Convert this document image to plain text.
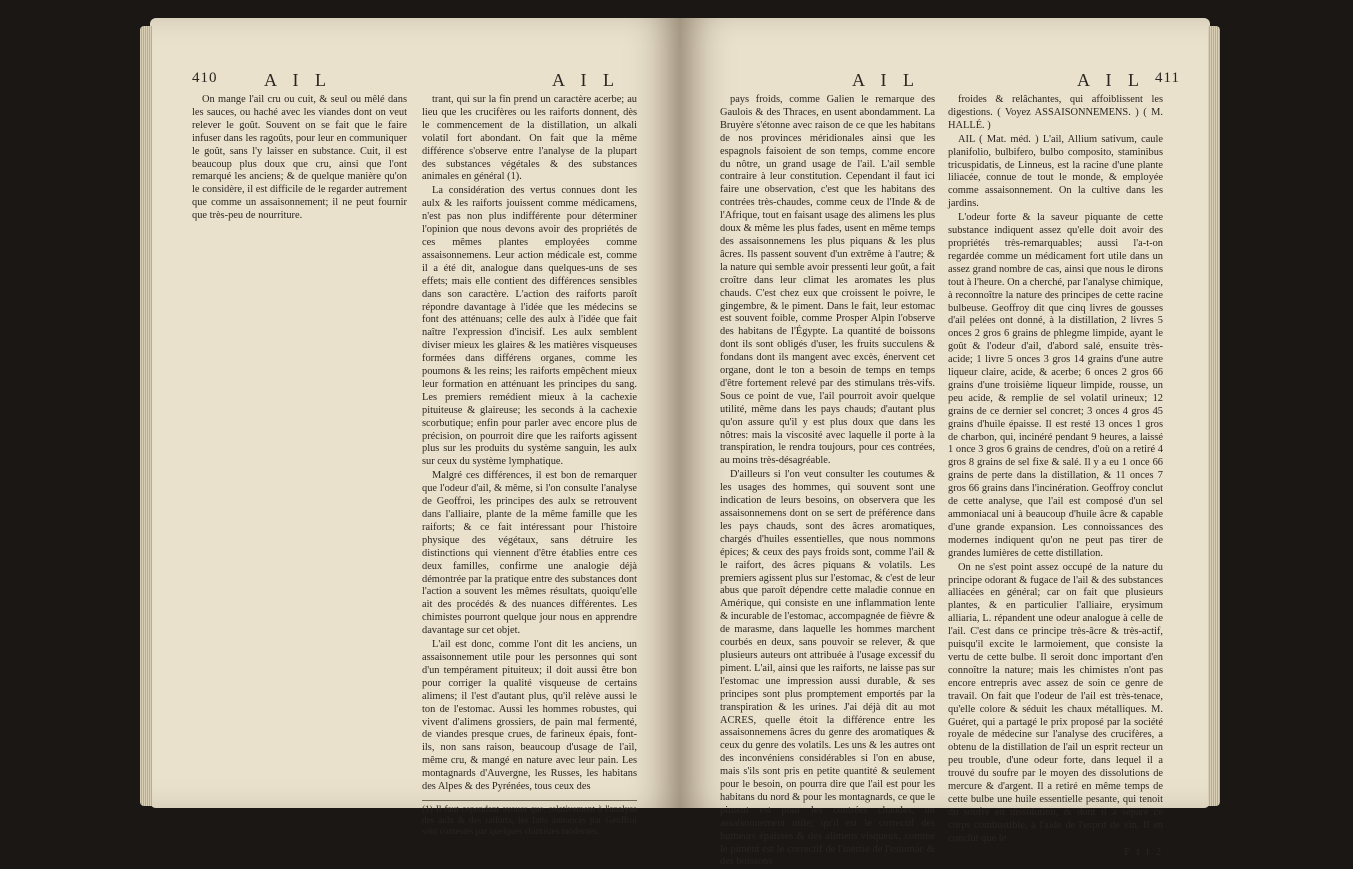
410	A I L	A I L

On mange l'ail cru ou cuit, & seul ou mêlé dans les sauces, ou haché avec les viandes dont on veut relever le goût. Souvent on se fait que le faire infuser dans les ragoûts, pour leur en communiquer le goût, sans l'y laisser en substance. Cuit, il est beaucoup plus doux que cru, ainsi que l'ont remarqué les anciens; & de quelque manière qu'on le considère, il est difficile de le regarder autrement que comme un assaisonnement; il ne peut fournir que très-peu de nourriture.

trant, qui sur la fin prend un caractère acerbe; au lieu que les crucifères ou les raiforts donnent, dès le commencement de la distillation, un alkali volatil fort abondant. On fait que la même différence s'observe entre l'analyse de la plupart des substances végétales & des substances animales en général (1).

La considération des vertus connues dont les aulx & les raiforts jouissent comme médicamens, n'est pas non plus indifférente pour déterminer l'opinion que nous devons avoir des propriétés de ces mêmes plantes employées comme assaisonnemens. Leur action médicale est, comme il a été dit, analogue dans quelques-uns de ses effets; mais elle contient des différences sensibles dans son caractère. L'action des raiforts paroît répondre davantage à l'idée que les médecins se font des atténuans; celle des aulx à l'idée que fait naître l'expression d'incisif. Les aulx semblent diviser mieux les glaires & les matières visqueuses formées dans différens organes, comme les poumons & les reins; les raiforts empêchent mieux leur formation en atténuant les principes du sang. Les premiers remédient mieux à la cachexie pituiteuse & glaireuse; les seconds à la cachexie scorbutique; enfin pour parler avec encore plus de précision, on pourroit dire que les raiforts agissent plus sur les produits du système sanguin, les aulx sur ceux du système lymphatique.

Malgré ces différences, il est bon de remarquer que l'odeur d'ail, & même, si l'on consulte l'analyse de Geoffroi, les principes des aulx se retrouvent dans l'alliaire, plante de la même famille que les raiforts; & ce fait intéressant pour l'histoire physique des végétaux, sans détruire les distinctions qui viennent d'être établies entre ces deux familles, confirme une analogie déjà démontrée par la pratique entre des substances dont l'action a souvent les mêmes résultats, quoiqu'elle ait des procédés & des nuances différentes. Les chimistes pourront quelque jour nous en apprendre davantage sur cet objet.

L'ail est donc, comme l'ont dit les anciens, un assaisonnement utile pour les personnes qui sont d'un tempérament pituiteux; il doit aussi être bon pour corriger la qualité visqueuse de certains alimens; il l'est d'autant plus, qu'il relève aussi le ton de l'estomac. Aussi les hommes robustes, qui vivent d'alimens grossiers, de pain mal fermenté, de viandes presque crues, de farineux épais, font-ils, non sans raison, beaucoup d'usage de l'ail, même cru, & mangé en nature avec leur pain. Les montagnards d'Auvergne, les Russes, les habitans des Alpes & des Pyrénées, tous ceux des

(1) Il faut cependant avouer que, relativement à l'analyse des aulx & des raiforts, les faits annoncés par Geoffroi sont contestés par quelques chimistes modernes.
A I L	A I L 411

pays froids, comme Galien le remarque des Gaulois & des Thraces, en usent abondamment. La Bruyère s'étonne avec raison de ce que les habitans de nos provinces méridionales ainsi que les espagnols faisoient de son temps, comme encore du nôtre, un grand usage de l'ail. L'ail semble contraire à leur constitution. Cependant il faut ici faire une observation, c'est que les habitans des contrées très-chaudes, comme ceux de l'Inde & de l'Afrique, tout en faisant usage des alimens les plus doux & même les plus fades, usent en même temps des assaisonnemens les plus piquans & les plus âcres. Ils passent souvent d'un extrême à l'autre; & la nature qui semble avoir pressenti leur goût, a fait croître dans leur climat les aromates les plus chauds. C'est chez eux que croissent le poivre, le gingembre, & le piment. Dans le fait, leur estomac est souvent foible, comme Prosper Alpin l'observe des habitans de l'Égypte. La quantité de boissons dont ils sont obligés d'user, les fruits succulens & fondans dont ils mangent avec excès, énervent cet organe, dont le ton a besoin de temps en temps d'être fortement relevé par des stimulans très-vifs. Sous ce point de vue, l'ail pourroit avoir quelque utilité, même dans les pays chauds; d'autant plus qu'on assure qu'il y est plus doux que dans les nôtres: mais la viscosité avec laquelle il porte à la transpiration, le rendra toujours, pour ces contrées, au moins très-désagréable.

D'ailleurs si l'on veut consulter les coutumes & les usages des hommes, qui souvent sont une indication de leurs besoins, on observera que les assaisonnemens dont on se sert de préférence dans les pays chauds, sont des âcres aromatiques, chargés d'huiles essentielles, que nous nommons épices; & ceux des pays froids sont, comme l'ail & le raifort, des âcres piquans & volatils. Les premiers agissent plus sur l'estomac, & c'est de leur abus que paroît dépendre cette maladie connue en Amérique, qui consiste en une inflammation lente & incurable de l'estomac, accompagnée de fièvre & de marasme, dans laquelle les hommes marchent courbés en deux, sans pouvoir se relever, & que plusieurs auteurs ont attribuée à l'usage excessif du piment. L'ail, ainsi que les raiforts, ne laisse pas sur l'estomac une impression aussi durable, & ses principes sont plus promptement emportés par la transpiration & les urines. J'ai déjà dit au mot ACRES, quelle étoit la différence entre les assaisonnemens âcres du genre des aromatiques & ceux du genre des volatils. Les uns & les autres ont des inconvéniens considérables si l'on en abuse, mais s'ils sont pris en petite quantité & seulement pour le besoin, on pourra dire que l'ail est pour les habitans du nord & pour les montagnards, ce que le piment est pour les contrées chaudes, un assaisonnement utile; qu'il est le correctif des humeurs épaisses & des alimens visqueux, comme le piment est le correctif de l'inertie de l'estomac & des boissons

froides & relâchantes, qui affoiblissent les digestions. ( Voyez ASSAISONNEMENS. ) ( M. HALLÉ. )

AIL ( Mat. méd. ) L'ail, Allium sativum, caule planifolio, bulbifero, bulbo composito, staminibus tricuspidatis, de Linneus, est la racine d'une plante liliacée, connue de tout le monde, & employée comme assaisonnement. On la cultive dans les jardins.

L'odeur forte & la saveur piquante de cette substance indiquent assez qu'elle doit avoir des propriétés très-remarquables; aussi l'a-t-on regardée comme un médicament fort utile dans un assez grand nombre de cas, ainsi que nous le dirons tout à l'heure. On a cherché, par l'analyse chimique, à reconnoître la nature des principes de cette racine bulbeuse. Geoffroy dit que cinq livres de gousses d'ail pelées ont donné, à la distillation, 2 livres 5 onces 2 gros 6 grains de phlegme limpide, ayant le goût & l'odeur d'ail, d'abord salé, ensuite très-acide; 1 livre 5 onces 3 gros 14 grains d'une autre liqueur claire, acide, & acerbe; 6 onces 2 gros 66 grains d'une troisième liqueur limpide, rousse, un peu acide, & remplie de sel volatil urineux; 12 grains de ce dernier sel concret; 3 onces 4 gros 45 grains d'huile épaisse. Il est resté 13 onces 1 gros de charbon, qui, incinéré pendant 9 heures, a laissé 1 once 3 gros 6 grains de cendres, d'où on a retiré 4 gros 8 grains de sel fixe & salé. Il y a eu 1 once 66 grains de perte dans la distillation, & 11 onces 7 gros 66 grains dans l'incinération. Geoffroy conclut de cette analyse, que l'ail est composé d'un sel ammoniacal uni à beaucoup d'huile âcre & capable d'une grande expansion. Les connoissances des modernes indiquent qu'on ne peut pas tirer de grandes lumières de cette distillation.

On ne s'est point assez occupé de la nature du principe odorant & fugace de l'ail & des substances alliacées en général; car on fait que plusieurs plantes, & en particulier l'alliaire, erysimum alliaria, L. répandent une odeur analogue à celle de l'ail. C'est dans ce principe très-âcre & très-actif, puisqu'il excite le larmoiement, que consiste la vertu de cette bulbe. Il seroit donc important d'en connoître la nature; mais les chimistes n'ont pas encore entrepris avec assez de soin ce genre de travail. On fait que l'odeur de l'ail est très-tenace, qu'elle colore & séduit les chaux métalliques. M. Guéret, qui a partagé le prix proposé par la société royale de médecine sur l'analyse des crucifères, a obtenu de la distillation de l'ail un esprit recteur un peu trouble, d'une odeur forte, dans lequel il a trouvé du soufre par le moyen des dissolutions de mercure & d'argent. Il a retiré en même temps de cette bulbe une huile essentielle pesante, qui tenoit du soufre en dissolution, & dont il a séparé ce corps combustible, à l'aide de l'esprit de vin. Il en conclut que le

F f f 2
